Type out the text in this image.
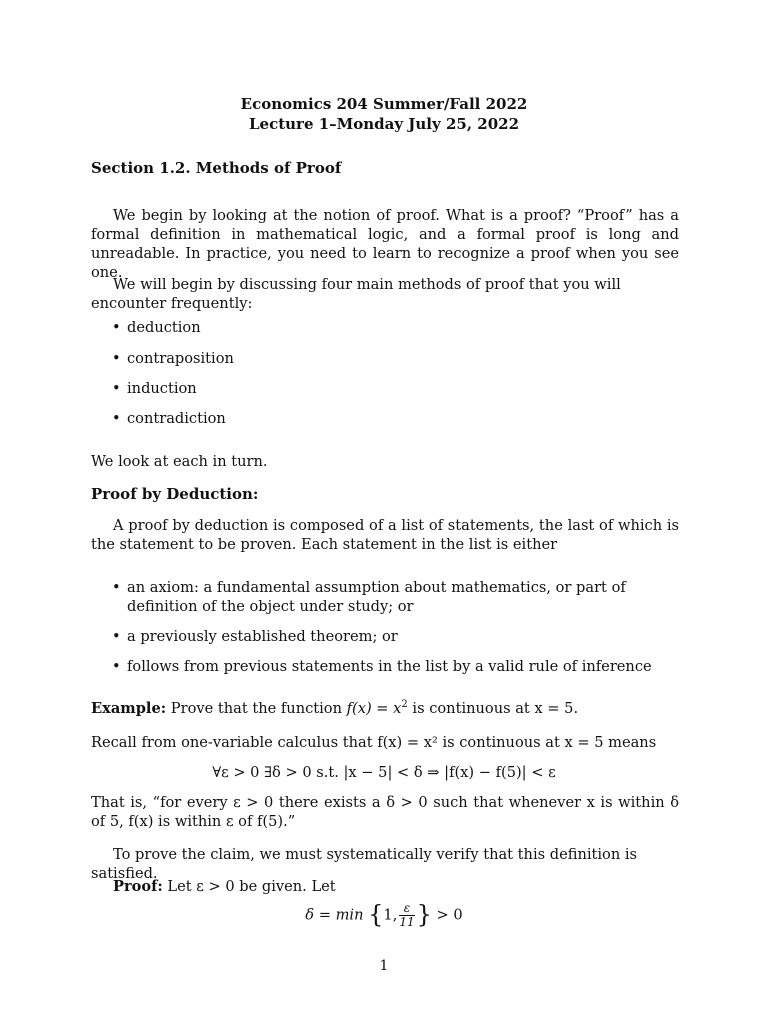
Economics 204 Summer/Fall 2022
Lecture 1–Monday July 25, 2022
Section 1.2. Methods of Proof
We begin by looking at the notion of proof. What is a proof? “Proof” has a formal definition in mathematical logic, and a formal proof is long and unreadable. In practice, you need to learn to recognize a proof when you see one.
We will begin by discussing four main methods of proof that you will encounter frequently:
• deduction
• contraposition
• induction
• contradiction
We look at each in turn.
Proof by Deduction:
A proof by deduction is composed of a list of statements, the last of which is the statement to be proven. Each statement in the list is either
• an axiom: a fundamental assumption about mathematics, or part of definition of the object under study; or
• a previously established theorem; or
• follows from previous statements in the list by a valid rule of inference
Example: Prove that the function $f(x) = x^2$ is continuous at x = 5.
Recall from one-variable calculus that f(x) = x² is continuous at x = 5 means
∀ε > 0 ∃δ > 0 s.t. |x − 5| < δ ⇒ |f(x) − f(5)| < ε
That is, “for every ε > 0 there exists a δ > 0 such that whenever x is within δ of 5, f(x) is within ε of f(5).”
To prove the claim, we must systematically verify that this definition is satisfied.
Proof: Let ε > 0 be given. Let
δ = min {1, $\frac{\varepsilon}{11}$ } > 0
1
